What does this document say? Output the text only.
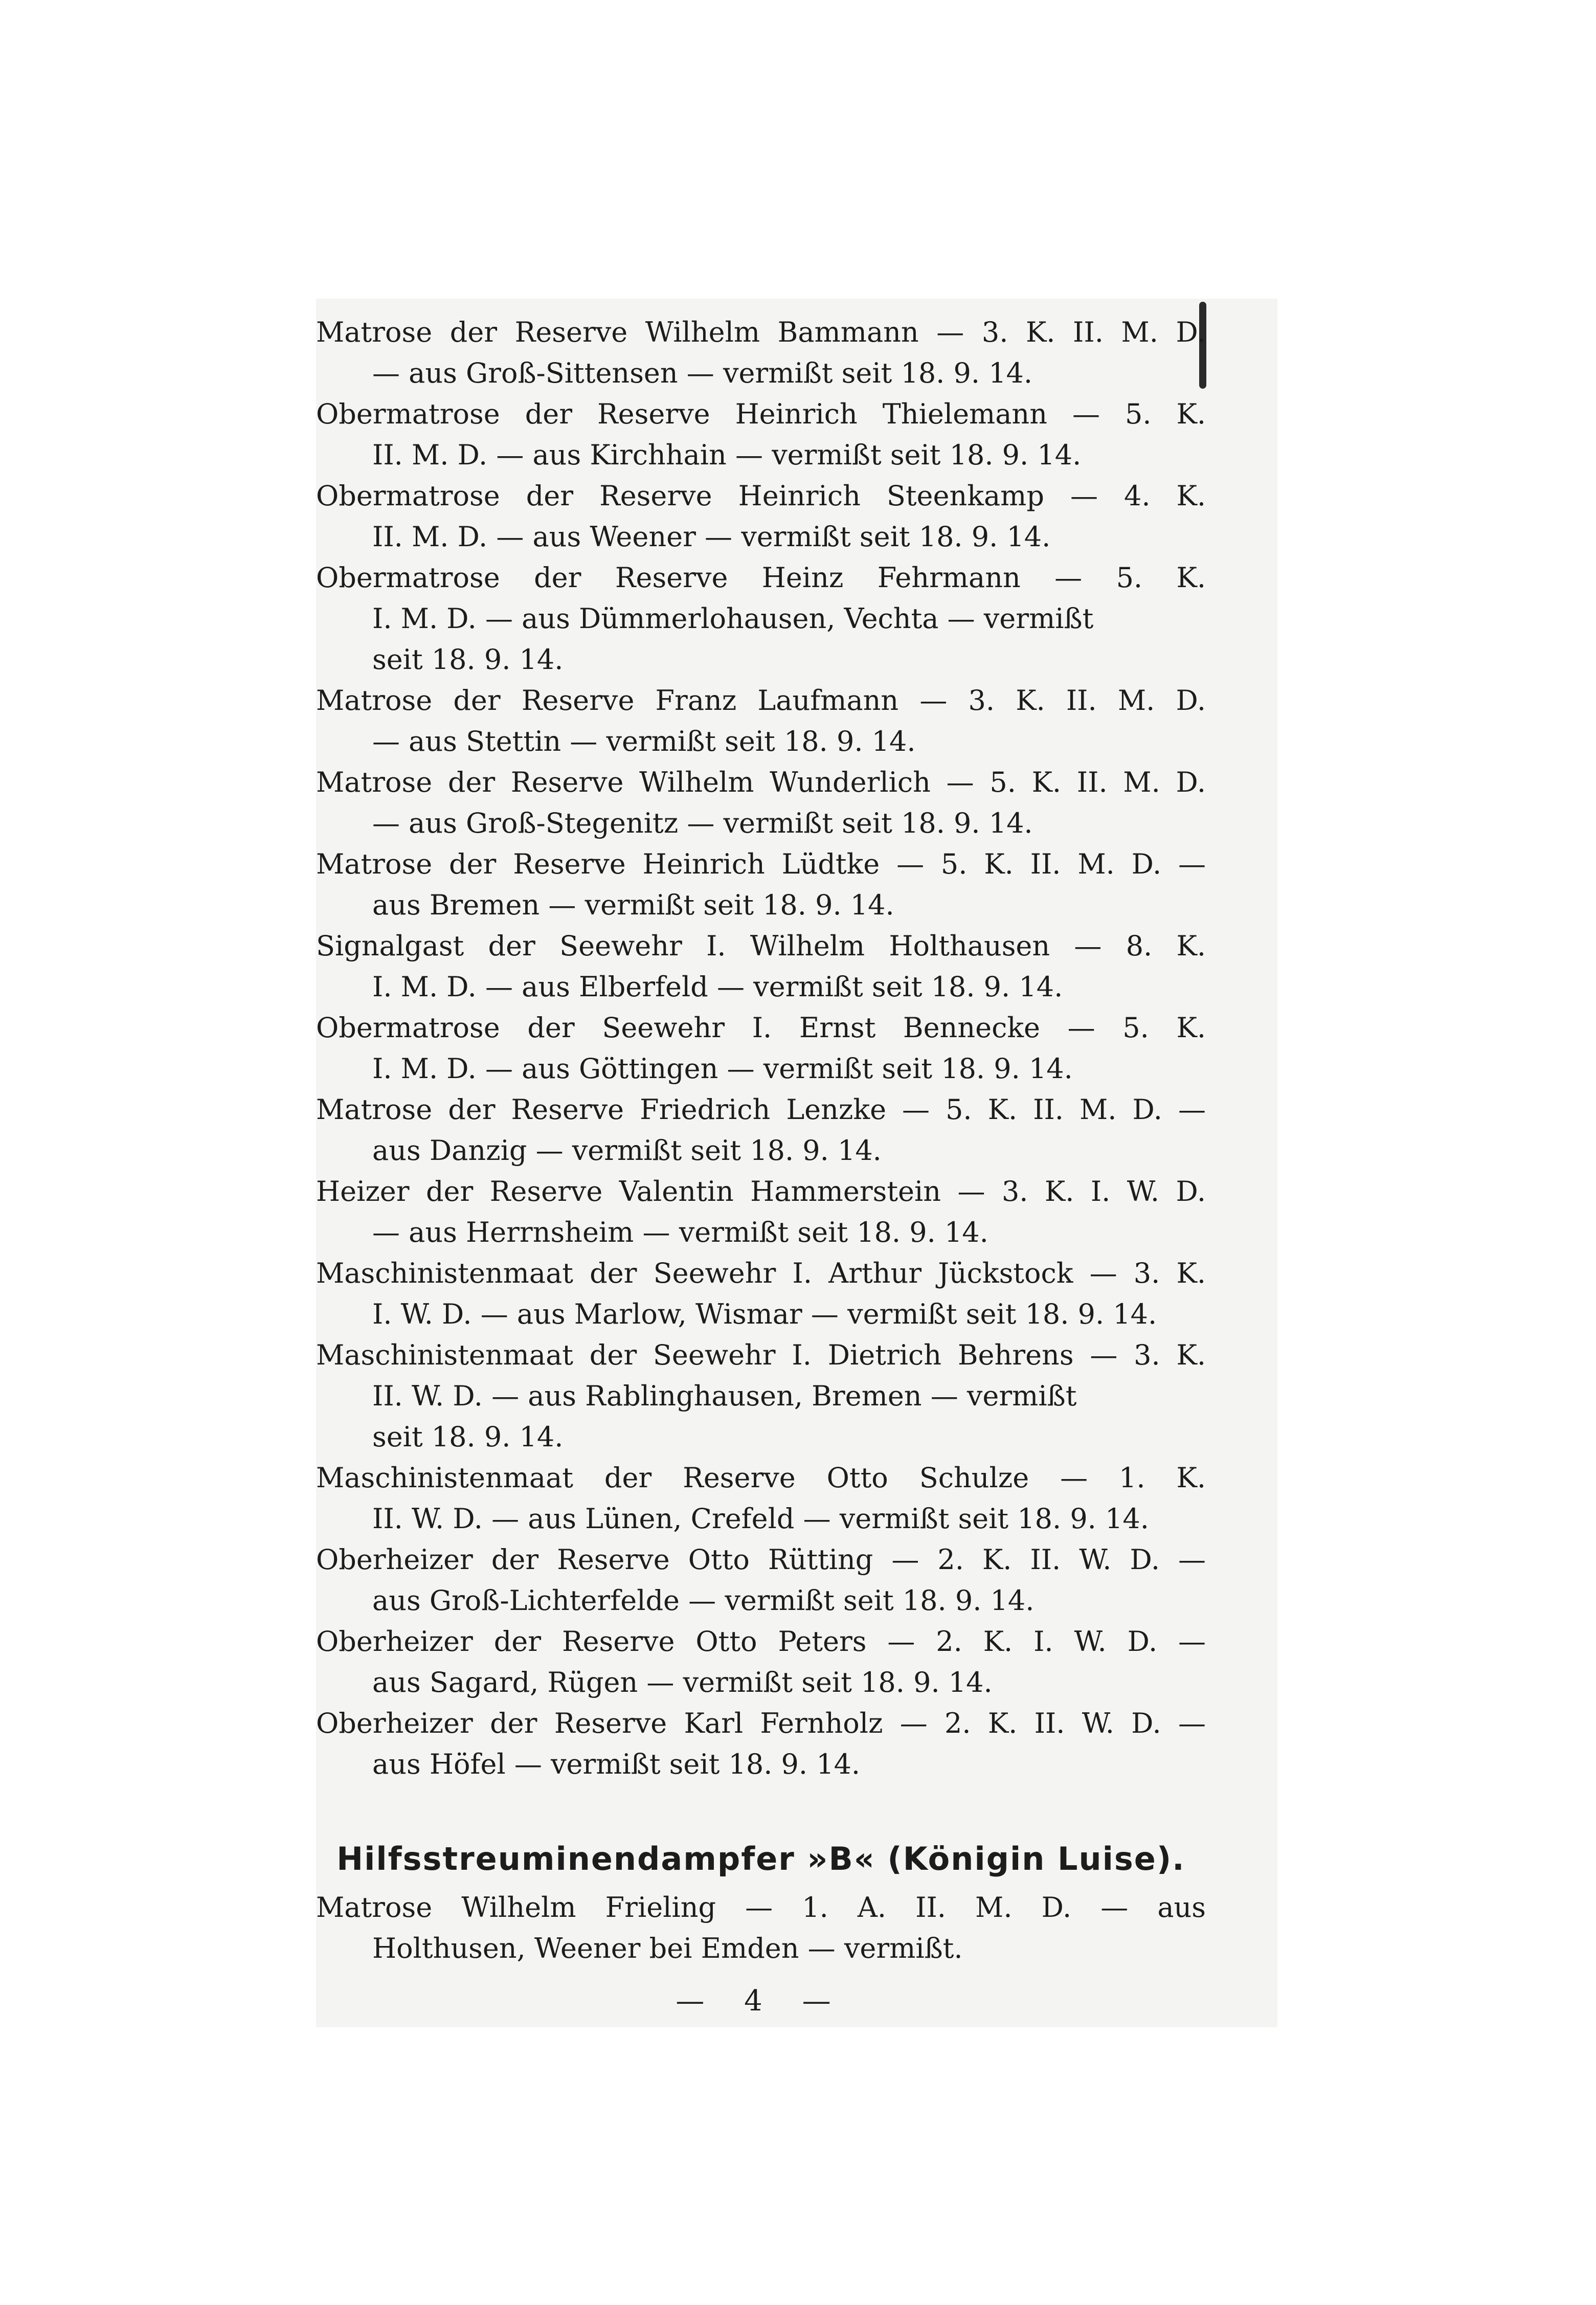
Matrose der Reserve Wilhelm Bammann — 3. K. II. M. D.
— aus Groß-Sittensen — vermißt seit 18. 9. 14.

Obermatrose der Reserve Heinrich Thielemann — 5. K.
II. M. D. — aus Kirchhain — vermißt seit 18. 9. 14.

Obermatrose der Reserve Heinrich Steenkamp — 4. K.
II. M. D. — aus Weener — vermißt seit 18. 9. 14.

Obermatrose der Reserve Heinz Fehrmann — 5. K.
I. M. D. — aus Dümmerlohausen, Vechta — vermißt
seit 18. 9. 14.

Matrose der Reserve Franz Laufmann — 3. K. II. M. D.
— aus Stettin — vermißt seit 18. 9. 14.

Matrose der Reserve Wilhelm Wunderlich — 5. K. II. M. D.
— aus Groß-Stegenitz — vermißt seit 18. 9. 14.

Matrose der Reserve Heinrich Lüdtke — 5. K. II. M. D. —
aus Bremen — vermißt seit 18. 9. 14.

Signalgast der Seewehr I. Wilhelm Holthausen — 8. K.
I. M. D. — aus Elberfeld — vermißt seit 18. 9. 14.

Obermatrose der Seewehr I. Ernst Bennecke — 5. K.
I. M. D. — aus Göttingen — vermißt seit 18. 9. 14.

Matrose der Reserve Friedrich Lenzke — 5. K. II. M. D. —
aus Danzig — vermißt seit 18. 9. 14.

Heizer der Reserve Valentin Hammerstein — 3. K. I. W. D.
— aus Herrnsheim — vermißt seit 18. 9. 14.

Maschinistenmaat der Seewehr I. Arthur Jückstock — 3. K.
I. W. D. — aus Marlow, Wismar — vermißt seit 18. 9. 14.

Maschinistenmaat der Seewehr I. Dietrich Behrens — 3. K.
II. W. D. — aus Rablinghausen, Bremen — vermißt
seit 18. 9. 14.

Maschinistenmaat der Reserve Otto Schulze — 1. K.
II. W. D. — aus Lünen, Crefeld — vermißt seit 18. 9. 14.

Oberheizer der Reserve Otto Rütting — 2. K. II. W. D. —
aus Groß-Lichterfelde — vermißt seit 18. 9. 14.

Oberheizer der Reserve Otto Peters — 2. K. I. W. D. —
aus Sagard, Rügen — vermißt seit 18. 9. 14.

Oberheizer der Reserve Karl Fernholz — 2. K. II. W. D. —
aus Höfel — vermißt seit 18. 9. 14.

Hilfsstreuminendampfer »B« (Königin Luise).

Matrose Wilhelm Frieling — 1. A. II. M. D. — aus
Holthusen, Weener bei Emden — vermißt.

— 4 —
